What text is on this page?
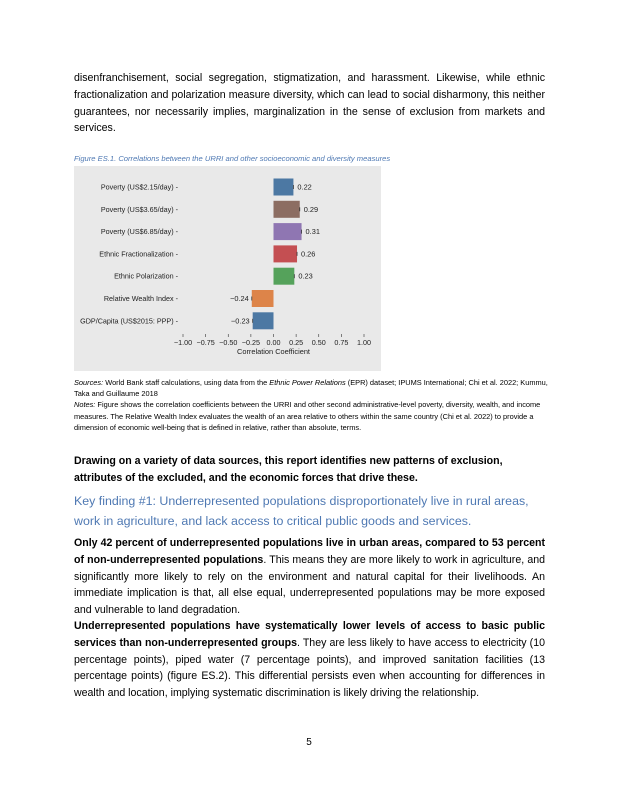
disenfranchisement, social segregation, stigmatization, and harassment. Likewise, while ethnic fractionalization and polarization measure diversity, which can lead to social disharmony, this neither guarantees, nor necessarily implies, marginalization in the sense of exclusion from markets and services.

Figure ES.1. Correlations between the URRI and other socioeconomic and diversity measures

Poverty (US$2.15/day) -	0.22
Poverty (US$3.65/day) -	0.29
Poverty (US$6.85/day) -	0.31
Ethnic Fractionalization -	0.26
Ethnic Polarization -	0.23
Relative Wealth Index -	−0.24
GDP/Capita (US$2015: PPP) -	−0.23
−1.00 −0.75 −0.50 −0.25 0.00 0.25 0.50 0.75 1.00
Correlation Coefficient

Sources: World Bank staff calculations, using data from the Ethnic Power Relations (EPR) dataset; IPUMS International; Chi et al. 2022; Kummu, Taka and Guillaume 2018
Notes: Figure shows the correlation coefficients between the URRI and other second administrative-level poverty, diversity, wealth, and income measures. The Relative Wealth Index evaluates the wealth of an area relative to others within the same country (Chi et al. 2022) to provide a dimension of economic well-being that is defined in relative, rather than absolute, terms.

Drawing on a variety of data sources, this report identifies new patterns of exclusion, attributes of the excluded, and the economic forces that drive these.

Key finding #1: Underrepresented populations disproportionately live in rural areas, work in agriculture, and lack access to critical public goods and services.

Only 42 percent of underrepresented populations live in urban areas, compared to 53 percent of non-underrepresented populations. This means they are more likely to work in agriculture, and significantly more likely to rely on the environment and natural capital for their livelihoods. An immediate implication is that, all else equal, underrepresented populations may be more exposed and vulnerable to land degradation.

Underrepresented populations have systematically lower levels of access to basic public services than non-underrepresented groups. They are less likely to have access to electricity (10 percentage points), piped water (7 percentage points), and improved sanitation facilities (13 percentage points) (figure ES.2). This differential persists even when accounting for differences in wealth and location, implying systematic discrimination is likely driving the relationship.

5
